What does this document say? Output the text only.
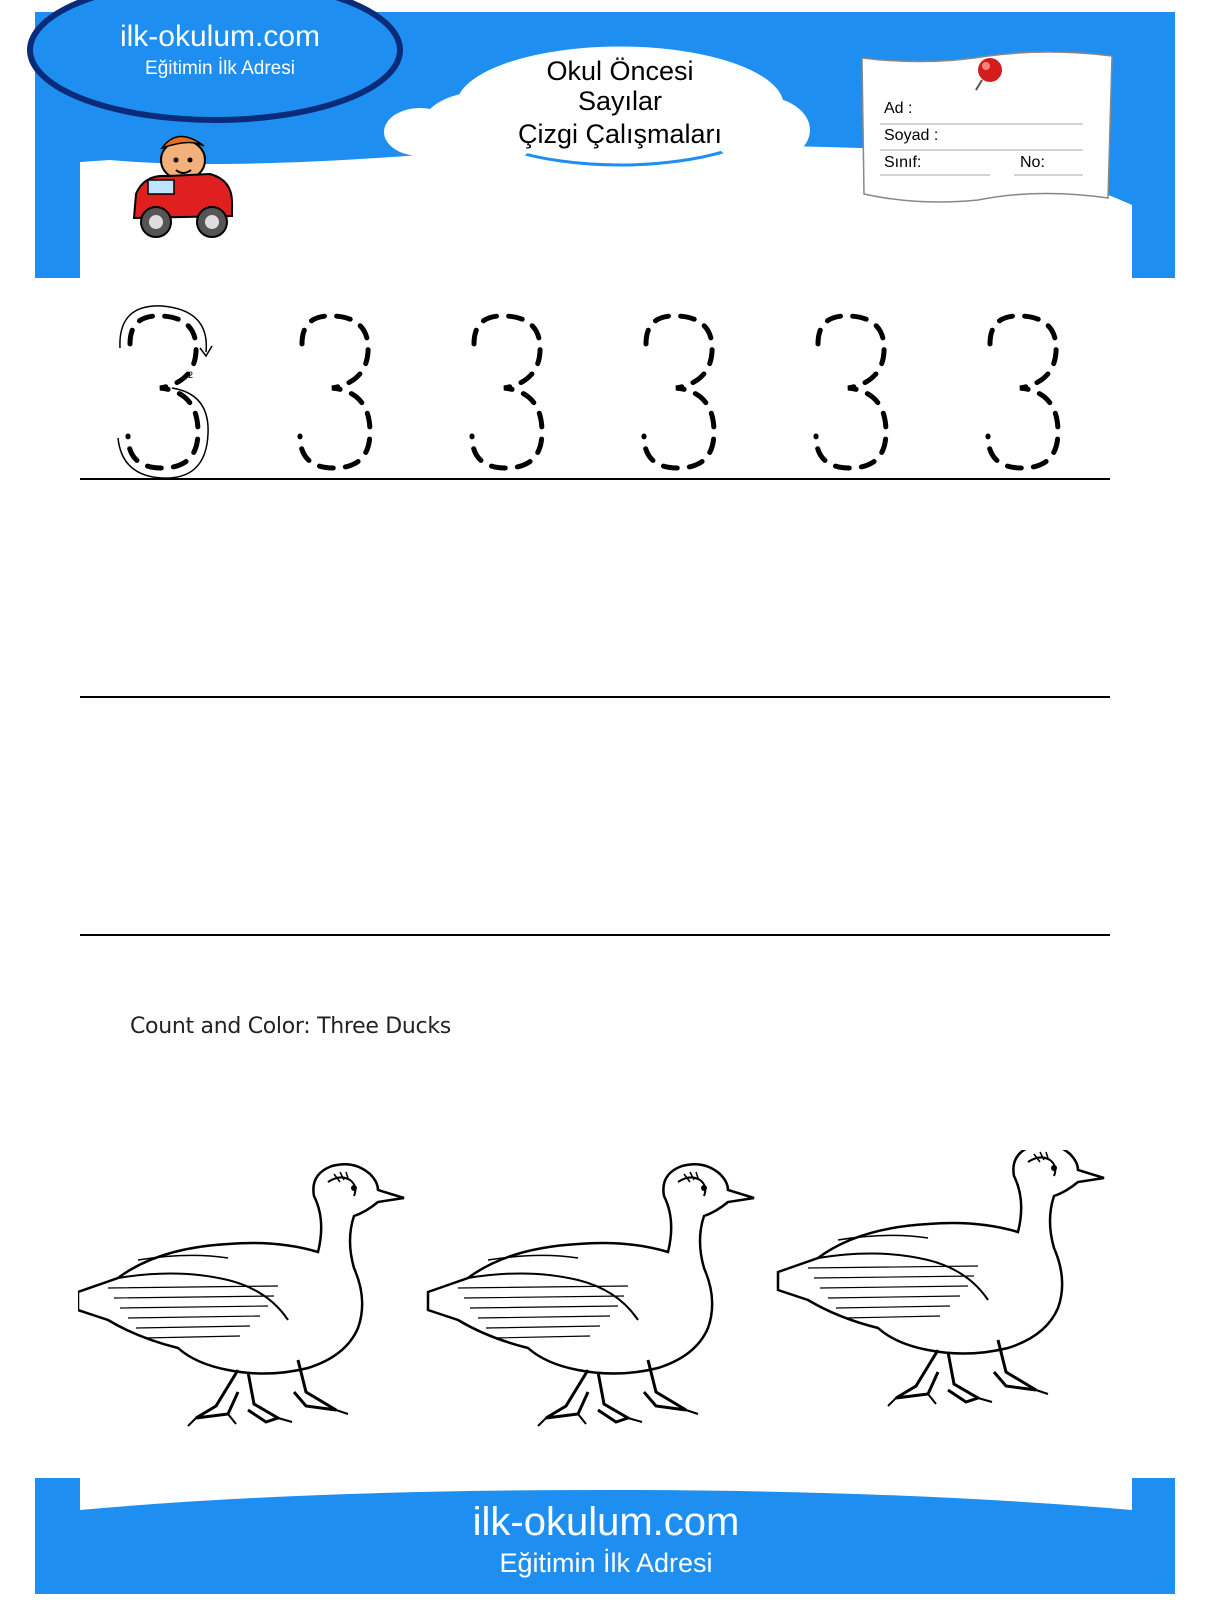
ilk-okulum.com
Eğitimin İlk Adresi	Okul Öncesi
Sayılar
Çizgi Çalışmaları
Ad :
Soyad :
Sınıf:	No:
2
Count and Color: Three Ducks
ilk-okulum.com
Eğitimin İlk Adresi
